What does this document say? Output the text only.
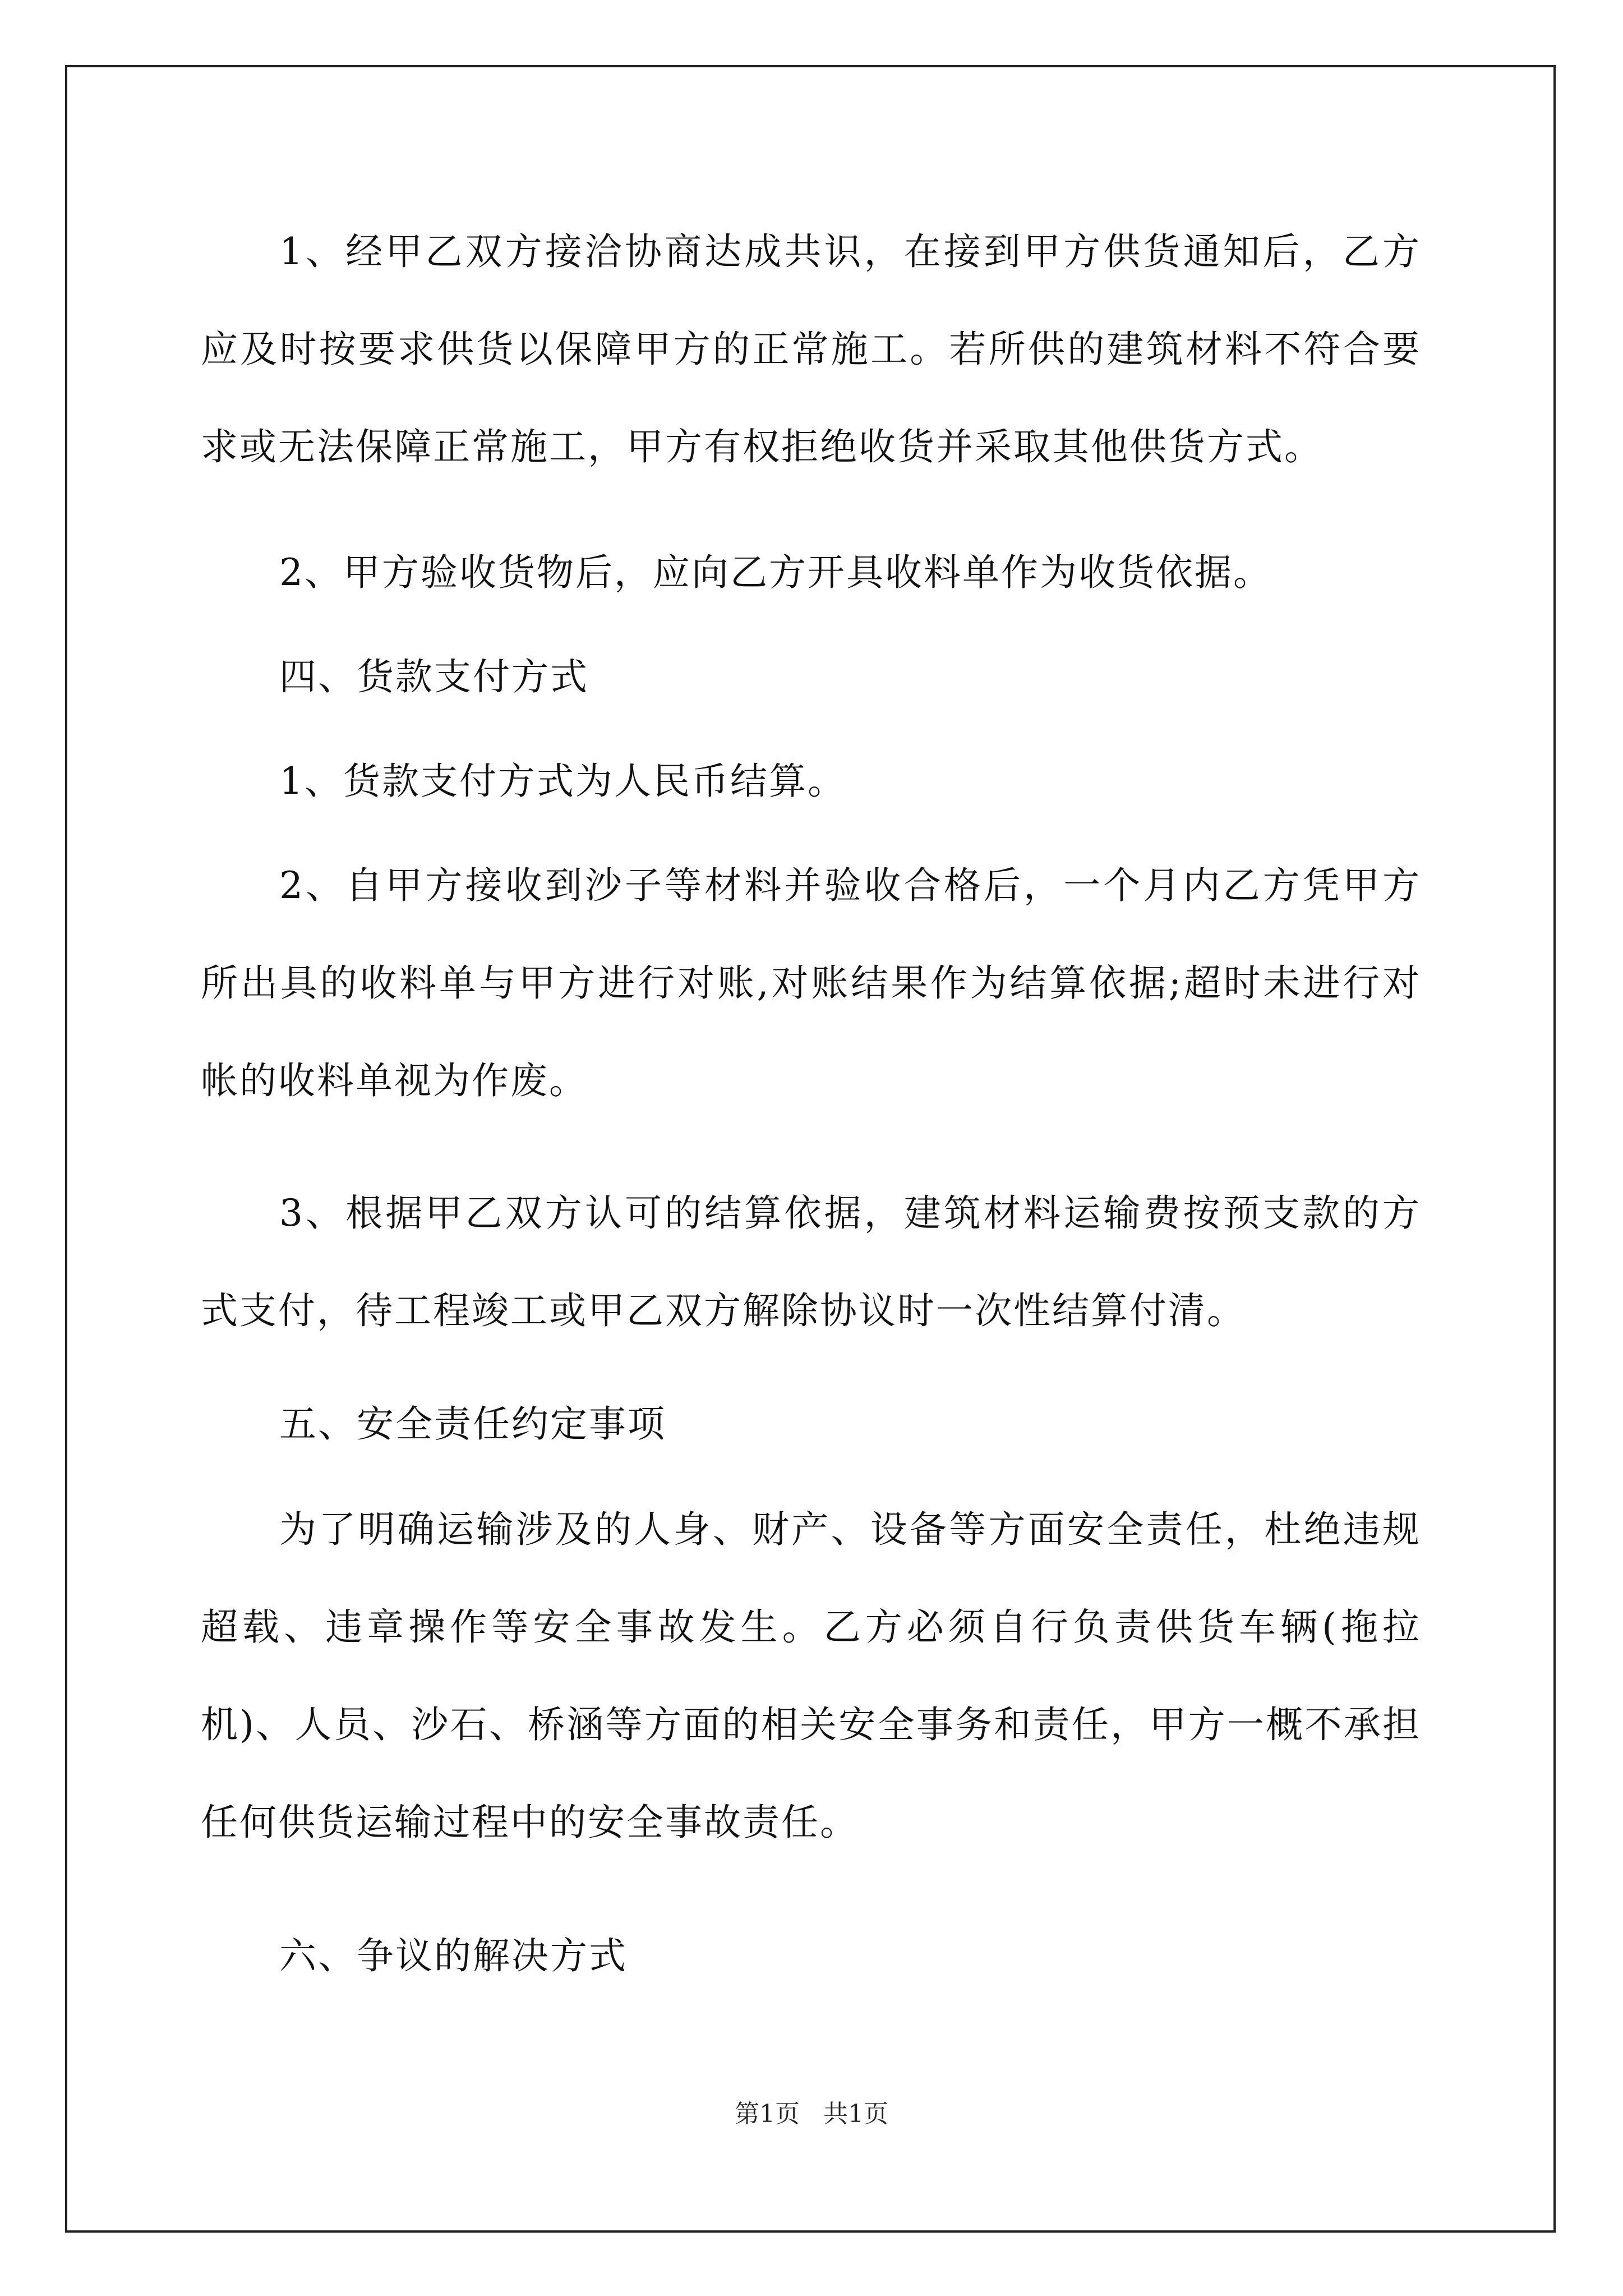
1、经甲乙双方接洽协商达成共识，在接到甲方供货通知后，乙方应及时按要求供货以保障甲方的正常施工。若所供的建筑材料不符合要求或无法保障正常施工，甲方有权拒绝收货并采取其他供货方式。

2、甲方验收货物后，应向乙方开具收料单作为收货依据。

四、货款支付方式

1、货款支付方式为人民币结算。

2、自甲方接收到沙子等材料并验收合格后，一个月内乙方凭甲方所出具的收料单与甲方进行对账,对账结果作为结算依据;超时未进行对帐的收料单视为作废。

3、根据甲乙双方认可的结算依据，建筑材料运输费按预支款的方式支付，待工程竣工或甲乙双方解除协议时一次性结算付清。

五、安全责任约定事项

为了明确运输涉及的人身、财产、设备等方面安全责任，杜绝违规超载、违章操作等安全事故发生。乙方必须自行负责供货车辆(拖拉机)、人员、沙石、桥涵等方面的相关安全事务和责任，甲方一概不承担任何供货运输过程中的安全事故责任。

六、争议的解决方式

第1页   共1页
